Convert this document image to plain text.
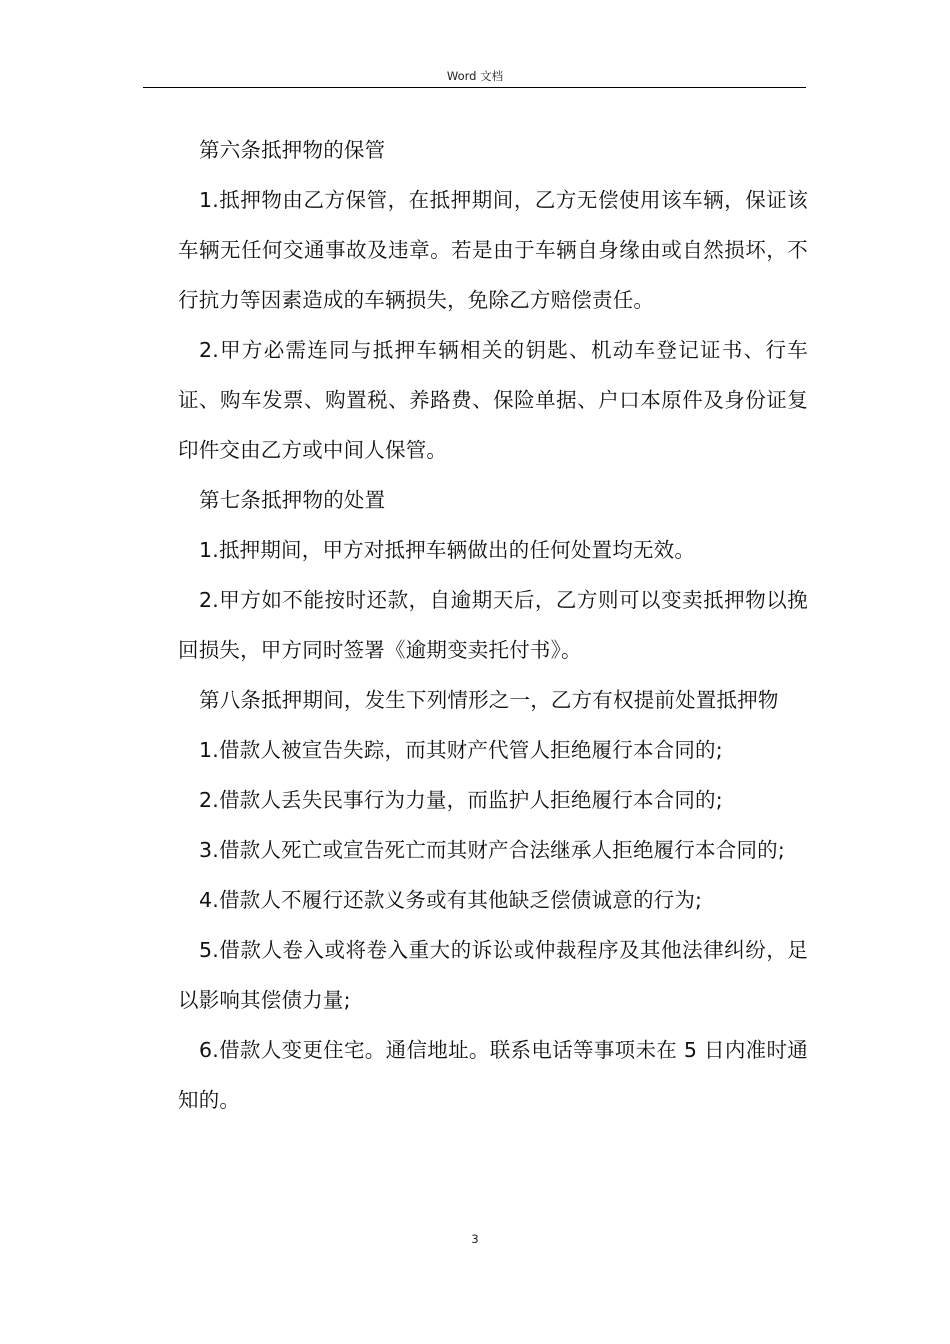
Word 文档

第六条抵押物的保管

1.抵押物由乙方保管，在抵押期间，乙方无偿使用该车辆，保证该车辆无任何交通事故及违章。若是由于车辆自身缘由或自然损坏，不行抗力等因素造成的车辆损失，免除乙方赔偿责任。

2.甲方必需连同与抵押车辆相关的钥匙、机动车登记证书、行车证、购车发票、购置税、养路费、保险单据、户口本原件及身份证复印件交由乙方或中间人保管。

第七条抵押物的处置

1.抵押期间，甲方对抵押车辆做出的任何处置均无效。

2.甲方如不能按时还款，自逾期天后，乙方则可以变卖抵押物以挽回损失，甲方同时签署《逾期变卖托付书》。

第八条抵押期间，发生下列情形之一，乙方有权提前处置抵押物

1.借款人被宣告失踪，而其财产代管人拒绝履行本合同的;

2.借款人丢失民事行为力量，而监护人拒绝履行本合同的;

3.借款人死亡或宣告死亡而其财产合法继承人拒绝履行本合同的;

4.借款人不履行还款义务或有其他缺乏偿债诚意的行为;

5.借款人卷入或将卷入重大的诉讼或仲裁程序及其他法律纠纷，足以影响其偿债力量;

6.借款人变更住宅。通信地址。联系电话等事项未在 5 日内准时通知的。

3
